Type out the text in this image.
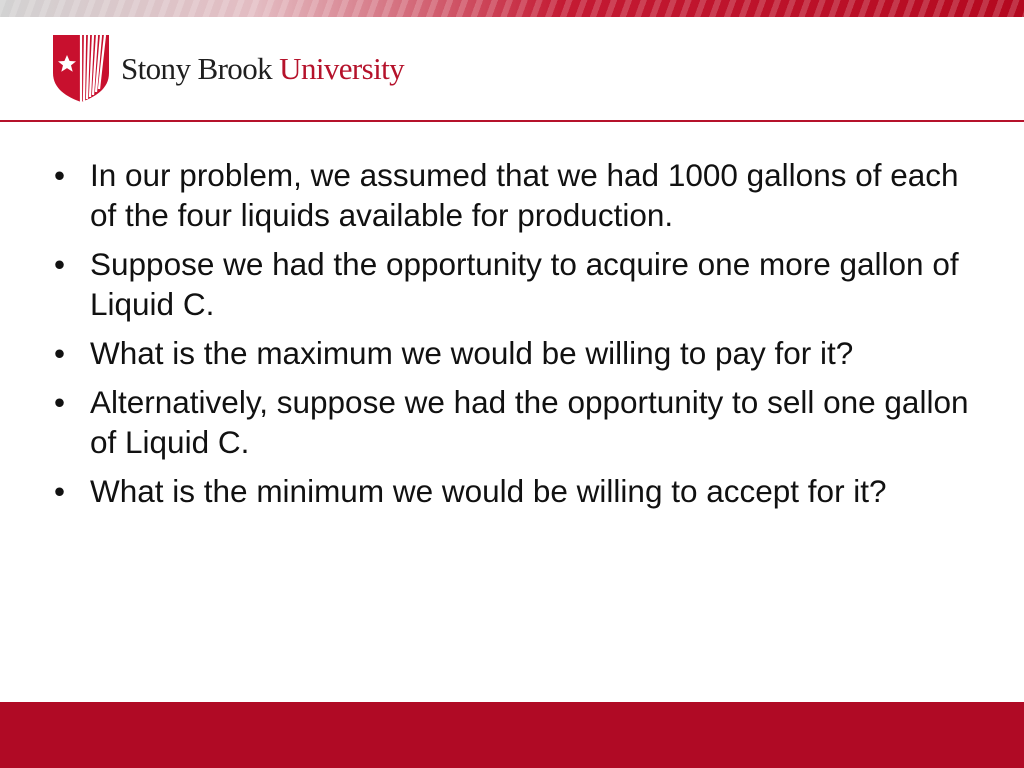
Stony Brook University
• In our problem, we assumed that we had 1000 gallons of each of the four liquids available for production.
• Suppose we had the opportunity to acquire one more gallon of Liquid C.
• What is the maximum we would be willing to pay for it?
• Alternatively, suppose we had the opportunity to sell one gallon of Liquid C.
• What is the minimum we would be willing to accept for it?
